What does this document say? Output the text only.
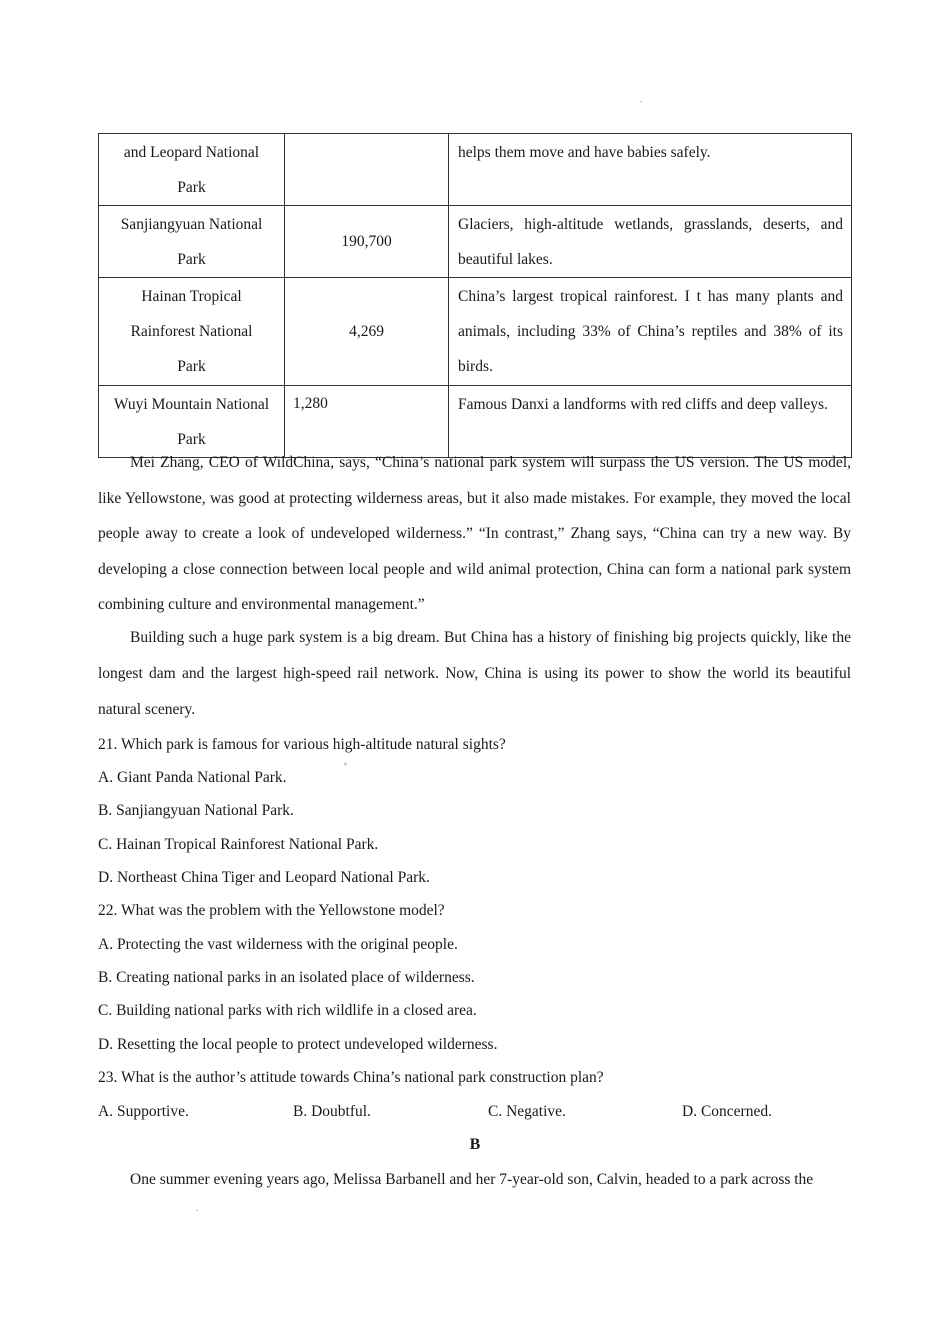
and Leopard National
Park		helps them move and have babies safely.

Sanjiangyuan National
Park	190,700	Glaciers, high-altitude wetlands, grasslands, deserts, and beautiful lakes.

Hainan Tropical
Rainforest National
Park	4,269	China’s largest tropical rainforest. I t has many plants and animals, including 33% of China’s reptiles and 38% of its birds.

Wuyi Mountain National
Park	1,280	Famous Danxi a landforms with red cliffs and deep valleys.

Mei Zhang, CEO of WildChina, says, “China’s national park system will surpass the US version. The US model, like Yellowstone, was good at protecting wilderness areas, but it also made mistakes. For example, they moved the local people away to create a look of undeveloped wilderness.” “In contrast,” Zhang says, “China can try a new way. By developing a close connection between local people and wild animal protection, China can form a national park system combining culture and environmental management.”

Building such a huge park system is a big dream. But China has a history of finishing big projects quickly, like the longest dam and the largest high-speed rail network. Now, China is using its power to show the world its beautiful natural scenery.

21. Which park is famous for various high-altitude natural sights?
A. Giant Panda National Park.
B. Sanjiangyuan National Park.
C. Hainan Tropical Rainforest National Park.
D. Northeast China Tiger and Leopard National Park.
22. What was the problem with the Yellowstone model?
A. Protecting the vast wilderness with the original people.
B. Creating national parks in an isolated place of wilderness.
C. Building national parks with rich wildlife in a closed area.
D. Resetting the local people to protect undeveloped wilderness.
23. What is the author’s attitude towards China’s national park construction plan?
A. Supportive.	B. Doubtful.	C. Negative.	D. Concerned.
B
One summer evening years ago, Melissa Barbanell and her 7-year-old son, Calvin, headed to a park across the
